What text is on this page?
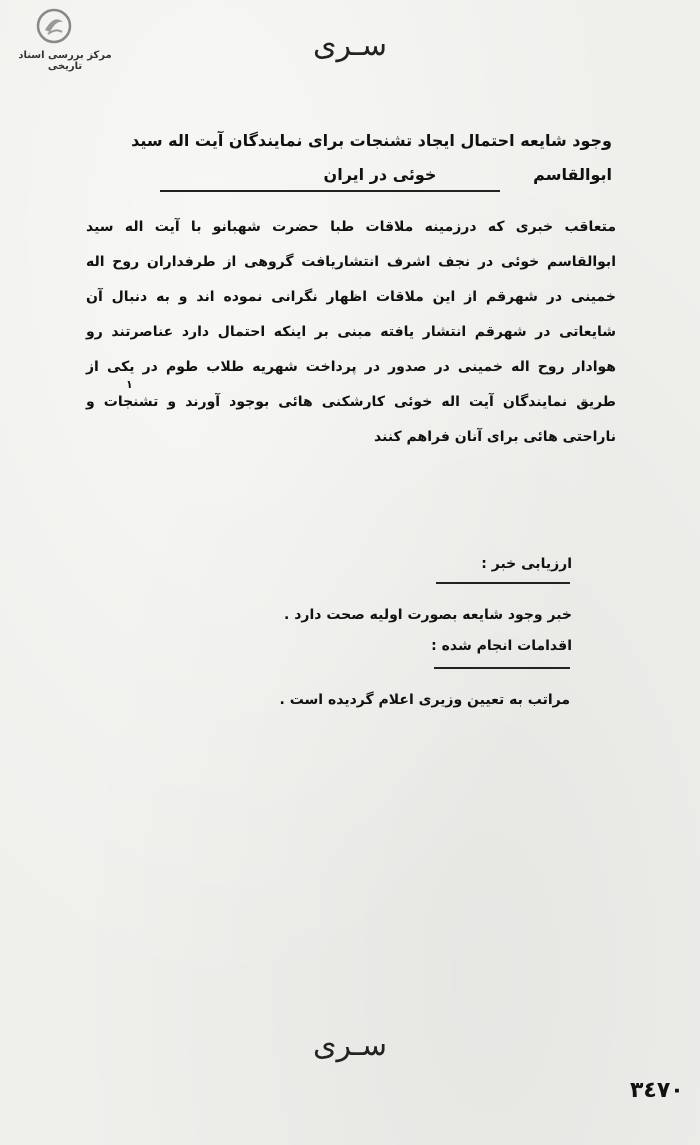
مرکز بررسی اسناد تاریخی
سـری
وجود شایعه احتمال ایجاد تشنجات برای نمایندگان آیت اله سید ابوالقاسم
خوئی در ایران
متعاقب خبری که درزمینه ملاقات طبا حضرت شهبانو با آیت اله سید ابوالقاسم خوئی در نجف اشرف انتشاریافت گروهی از طرفداران روح اله خمینی در شهرقم از این ملاقات اظهار نگرانی نموده اند و به دنبال آن شایعاتی در شهرقم انتشار یافته مبنی بر اینکه احتمال دارد عناصرتند رو هوادار روح اله خمینی در صدور در پرداخت شهریه طلاب طوم در یکی از طریق نمایندگان آیت اله خوئی کارشکنی هائی بوجود آورند و تشنجات و ناراحتی هائی برای آنان فراهم کنند
۱
ارزیابی خبر :
خبر وجود شایعه بصورت اولیه صحت دارد .
اقدامات انجام شده :
مراتب به تعیین وزیری اعلام گردیده است .
سـری
۳٤۷٠
